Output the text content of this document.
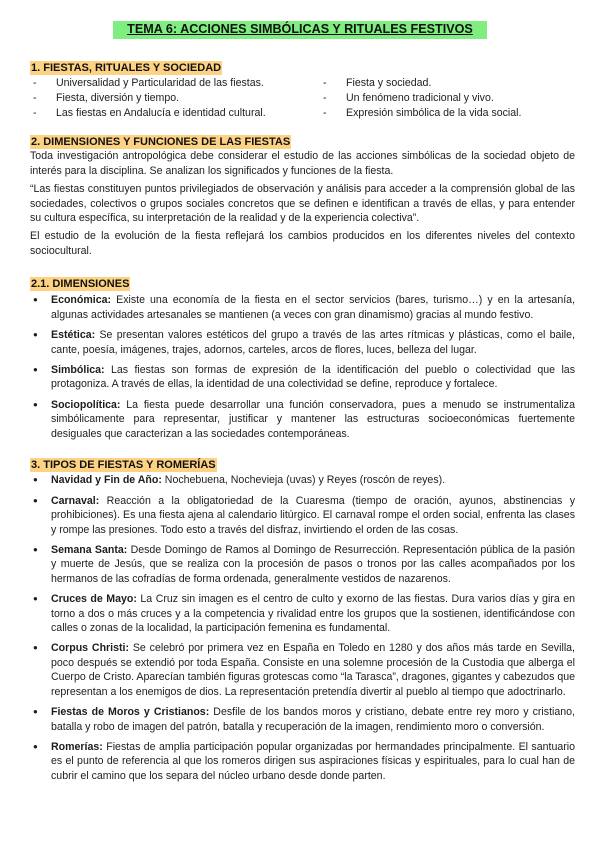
TEMA 6: ACCIONES SIMBÓLICAS Y RITUALES FESTIVOS
1. FIESTAS, RITUALES Y SOCIEDAD
-	Universalidad y Particularidad de las fiestas.
-	Fiesta, diversión y tiempo.
-	Las fiestas en Andalucía e identidad cultural.
-	Fiesta y sociedad.
-	Un fenómeno tradicional y vivo.
-	Expresión simbólica de la vida social.
2. DIMENSIONES Y FUNCIONES DE LAS FIESTAS

Toda investigación antropológica debe considerar el estudio de las acciones simbólicas de la sociedad objeto de interés para la disciplina. Se analizan los significados y funciones de la fiesta.

“Las fiestas constituyen puntos privilegiados de observación y análisis para acceder a la comprensión global de las sociedades, colectivos o grupos sociales concretos que se definen e identifican a través de ellas, y para entender su cultura específica, su interpretación de la realidad y de la experiencia colectiva”.

El estudio de la evolución de la fiesta reflejará los cambios producidos en los diferentes niveles del contexto sociocultural.

2.1. DIMENSIONES
● Económica: Existe una economía de la fiesta en el sector servicios (bares, turismo…) y en la artesanía, algunas actividades artesanales se mantienen (a veces con gran dinamismo) gracias al mundo festivo.
● Estética: Se presentan valores estéticos del grupo a través de las artes rítmicas y plásticas, como el baile, cante, poesía, imágenes, trajes, adornos, carteles, arcos de flores, luces, belleza del lugar.
● Simbólica: Las fiestas son formas de expresión de la identificación del pueblo o colectividad que las protagoniza. A través de ellas, la identidad de una colectividad se define, reproduce y fortalece.
● Sociopolítica: La fiesta puede desarrollar una función conservadora, pues a menudo se instrumentaliza simbólicamente para representar, justificar y mantener las estructuras socioeconómicas fuertemente desiguales que caracterizan a las sociedades contemporáneas.
3. TIPOS DE FIESTAS Y ROMERÍAS
● Navidad y Fin de Año: Nochebuena, Nochevieja (uvas) y Reyes (roscón de reyes).
● Carnaval: Reacción a la obligatoriedad de la Cuaresma (tiempo de oración, ayunos, abstinencias y prohibiciones). Es una fiesta ajena al calendario litúrgico. El carnaval rompe el orden social, enfrenta las clases y rompe las presiones. Todo esto a través del disfraz, invirtiendo el orden de las cosas.
● Semana Santa: Desde Domingo de Ramos al Domingo de Resurrección. Representación pública de la pasión y muerte de Jesús, que se realiza con la procesión de pasos o tronos por las calles acompañados por los hermanos de las cofradías de forma ordenada, generalmente vestidos de nazarenos.
● Cruces de Mayo: La Cruz sin imagen es el centro de culto y exorno de las fiestas. Dura varios días y gira en torno a dos o más cruces y a la competencia y rivalidad entre los grupos que la sostienen, identificándose con calles o zonas de la localidad, la participación femenina es fundamental.
● Corpus Christi: Se celebró por primera vez en España en Toledo en 1280 y dos años más tarde en Sevilla, poco después se extendió por toda España. Consiste en una solemne procesión de la Custodia que alberga el Cuerpo de Cristo. Aparecían también figuras grotescas como “la Tarasca”, dragones, gigantes y cabezudos que representan a los enemigos de dios. La representación pretendía divertir al pueblo al tiempo que adoctrinarlo.
● Fiestas de Moros y Cristianos: Desfile de los bandos moros y cristiano, debate entre rey moro y cristiano, batalla y robo de imagen del patrón, batalla y recuperación de la imagen, rendimiento moro o conversión.
● Romerías: Fiestas de amplia participación popular organizadas por hermandades principalmente. El santuario es el punto de referencia al que los romeros dirigen sus aspiraciones físicas y espirituales, para lo cual han de cubrir el camino que los separa del núcleo urbano desde donde parten.
